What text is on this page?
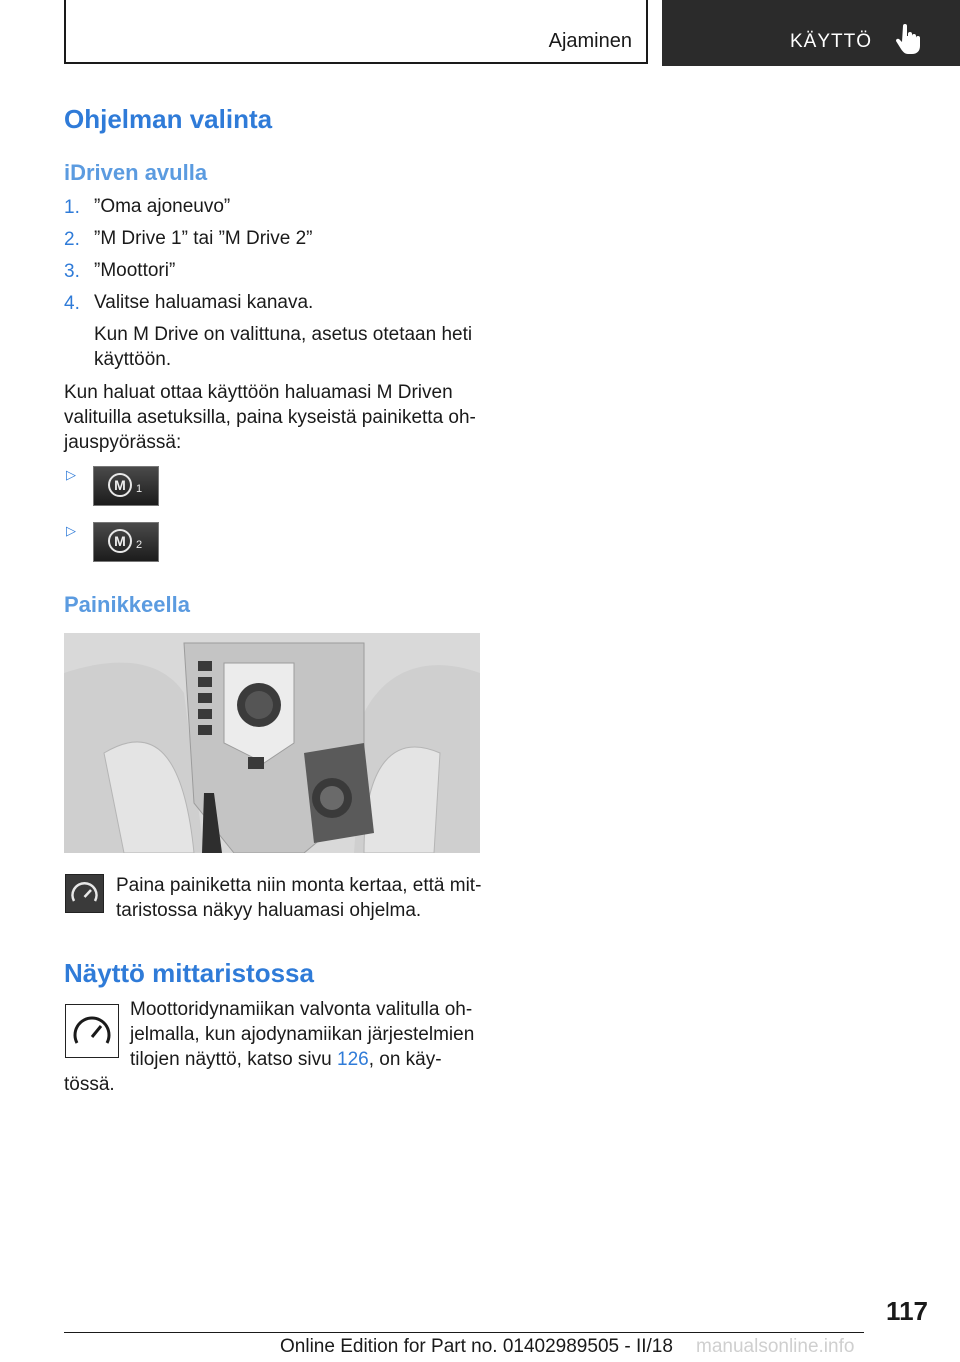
Ajaminen	KÄYTTÖ
Ohjelman valinta
iDriven avulla
1. ”Oma ajoneuvo”
2. ”M Drive 1” tai ”M Drive 2”
3. ”Moottori”
4. Valitse haluamasi kanava.
Kun M Drive on valittuna, asetus otetaan heti
käyttöön.
Kun haluat ottaa käyttöön haluamasi M Driven
valituilla asetuksilla, paina kyseistä painiketta oh-
jauspyörässä:
▷
M 1
▷
M 2
Painikkeella
Paina painiketta niin monta kertaa, että mit-
taristossa näkyy haluamasi ohjelma.
Näyttö mittaristossa
Moottoridynamiikan valvonta valitulla oh-
jelmalla, kun ajodynamiikan järjestelmien
tilojen näyttö, katso sivu 126, on käy-
tössä.
117
Online Edition for Part no. 01402989505 - II/18 manualsonline.info
